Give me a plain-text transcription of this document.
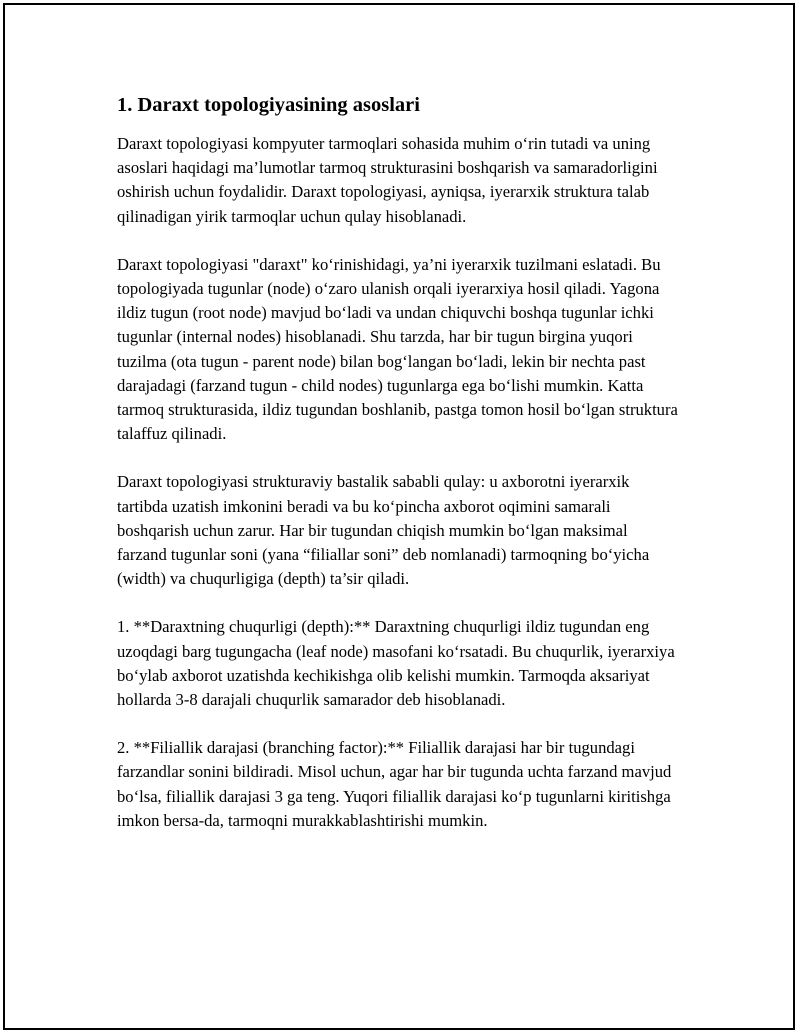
1. Daraxt topologiyasining asoslari

Daraxt topologiyasi kompyuter tarmoqlari sohasida muhim o‘rin tutadi va uning asoslari haqidagi ma’lumotlar tarmoq strukturasini boshqarish va samaradorligini oshirish uchun foydalidir. Daraxt topologiyasi, ayniqsa, iyerarxik struktura talab qilinadigan yirik tarmoqlar uchun qulay hisoblanadi.

Daraxt topologiyasi "daraxt" ko‘rinishidagi, ya’ni iyerarxik tuzilmani eslatadi. Bu topologiyada tugunlar (node) o‘zaro ulanish orqali iyerarxiya hosil qiladi. Yagona ildiz tugun (root node) mavjud bo‘ladi va undan chiquvchi boshqa tugunlar ichki tugunlar (internal nodes) hisoblanadi. Shu tarzda, har bir tugun birgina yuqori tuzilma (ota tugun - parent node) bilan bog‘langan bo‘ladi, lekin bir nechta past darajadagi (farzand tugun - child nodes) tugunlarga ega bo‘lishi mumkin. Katta tarmoq strukturasida, ildiz tugundan boshlanib, pastga tomon hosil bo‘lgan struktura talaffuz qilinadi.

Daraxt topologiyasi strukturaviy bastalik sababli qulay: u axborotni iyerarxik tartibda uzatish imkonini beradi va bu ko‘pincha axborot oqimini samarali boshqarish uchun zarur. Har bir tugundan chiqish mumkin bo‘lgan maksimal farzand tugunlar soni (yana “filiallar soni” deb nomlanadi) tarmoqning bo‘yicha (width) va chuqurligiga (depth) ta’sir qiladi.

1. **Daraxtning chuqurligi (depth):** Daraxtning chuqurligi ildiz tugundan eng uzoqdagi barg tugungacha (leaf node) masofani ko‘rsatadi. Bu chuqurlik, iyerarxiya bo‘ylab axborot uzatishda kechikishga olib kelishi mumkin. Tarmoqda aksariyat hollarda 3-8 darajali chuqurlik samarador deb hisoblanadi.

2. **Filiallik darajasi (branching factor):** Filiallik darajasi har bir tugundagi farzandlar sonini bildiradi. Misol uchun, agar har bir tugunda uchta farzand mavjud bo‘lsa, filiallik darajasi 3 ga teng. Yuqori filiallik darajasi ko‘p tugunlarni kiritishga imkon bersa-da, tarmoqni murakkablashtirishi mumkin.
